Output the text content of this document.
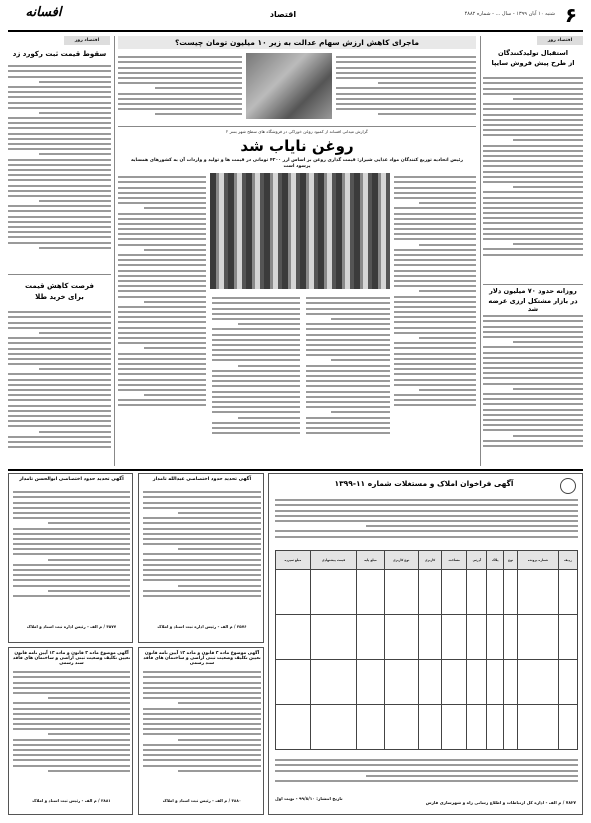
۶
شنبه ۱۰ آبان ۱۳۹۹ - سال ... - شماره ۴۸۸۲
اقتصاد
افسانه
اقتصاد روز
سقوط قیمت ثبت رکورد زد
فرصت کاهش قیمت
برای خرید طلا
اقتصاد روز
استقبال تولیدکنندگان
از طرح پیش فروش سایپا
روزانه حدود ۷۰ میلیون دلار
در بازار مشتکل ارزی عرضه شد
ماجرای کاهش ارزش سهام عدالت به زیر ۱۰ میلیون تومان چیست؟
گزارش میدانی افسانه از کمبود روغن خوراکی در فروشگاه های سطح شهر بسر ۲
روغن نایاب شد
رئیس اتحادیه توزیع کنندگان مواد غذایی شیراز: قیمت گذاری روغن بر اساس ارز ۴۲۰۰ تومانی در قیمت ها و تولید و واردات آن به کشورهای همسایه پرسود است
آگهی فراخوان املاک و مستغلات شماره ۱۱-۱۳۹۹
ردیف	شماره پرونده	نوع	پلاک	آدرس	مساحت	کاربری	نوع کاربری	مبلغ پایه	قیمت پیشنهادی	مبلغ سپرده

۷۸۲۷ / م الف - اداره کل ارتباطات و اطلاع رسانی راه و شهرسازی فارس
تاریخ انتشار: ۹۹/۸/۱۰ - نوبت اول
آگهی تحدید حدود اختصاصی ابوالحسن تامدار
۳۵۷۷ / م الف - رئیس اداره ثبت اسناد و املاک
آگهی تحدید حدود اختصاصی عبدالله تامدار
۳۵۷۶ / م الف - رئیس اداره ثبت اسناد و املاک
آگهی موضوع ماده ۳ قانون و ماده ۱۳ آیین نامه قانون تعیین تکلیف وضعیت ثبتی اراضی و ساختمان های فاقد سند رسمی
۳۸۸۱ / م الف - رئیس ثبت اسناد و املاک
آگهی موضوع ماده ۳ قانون و ماده ۱۳ آیین نامه قانون تعیین تکلیف وضعیت ثبتی اراضی و ساختمان های فاقد سند رسمی
۳۸۸۰ / م الف - رئیس ثبت اسناد و املاک
